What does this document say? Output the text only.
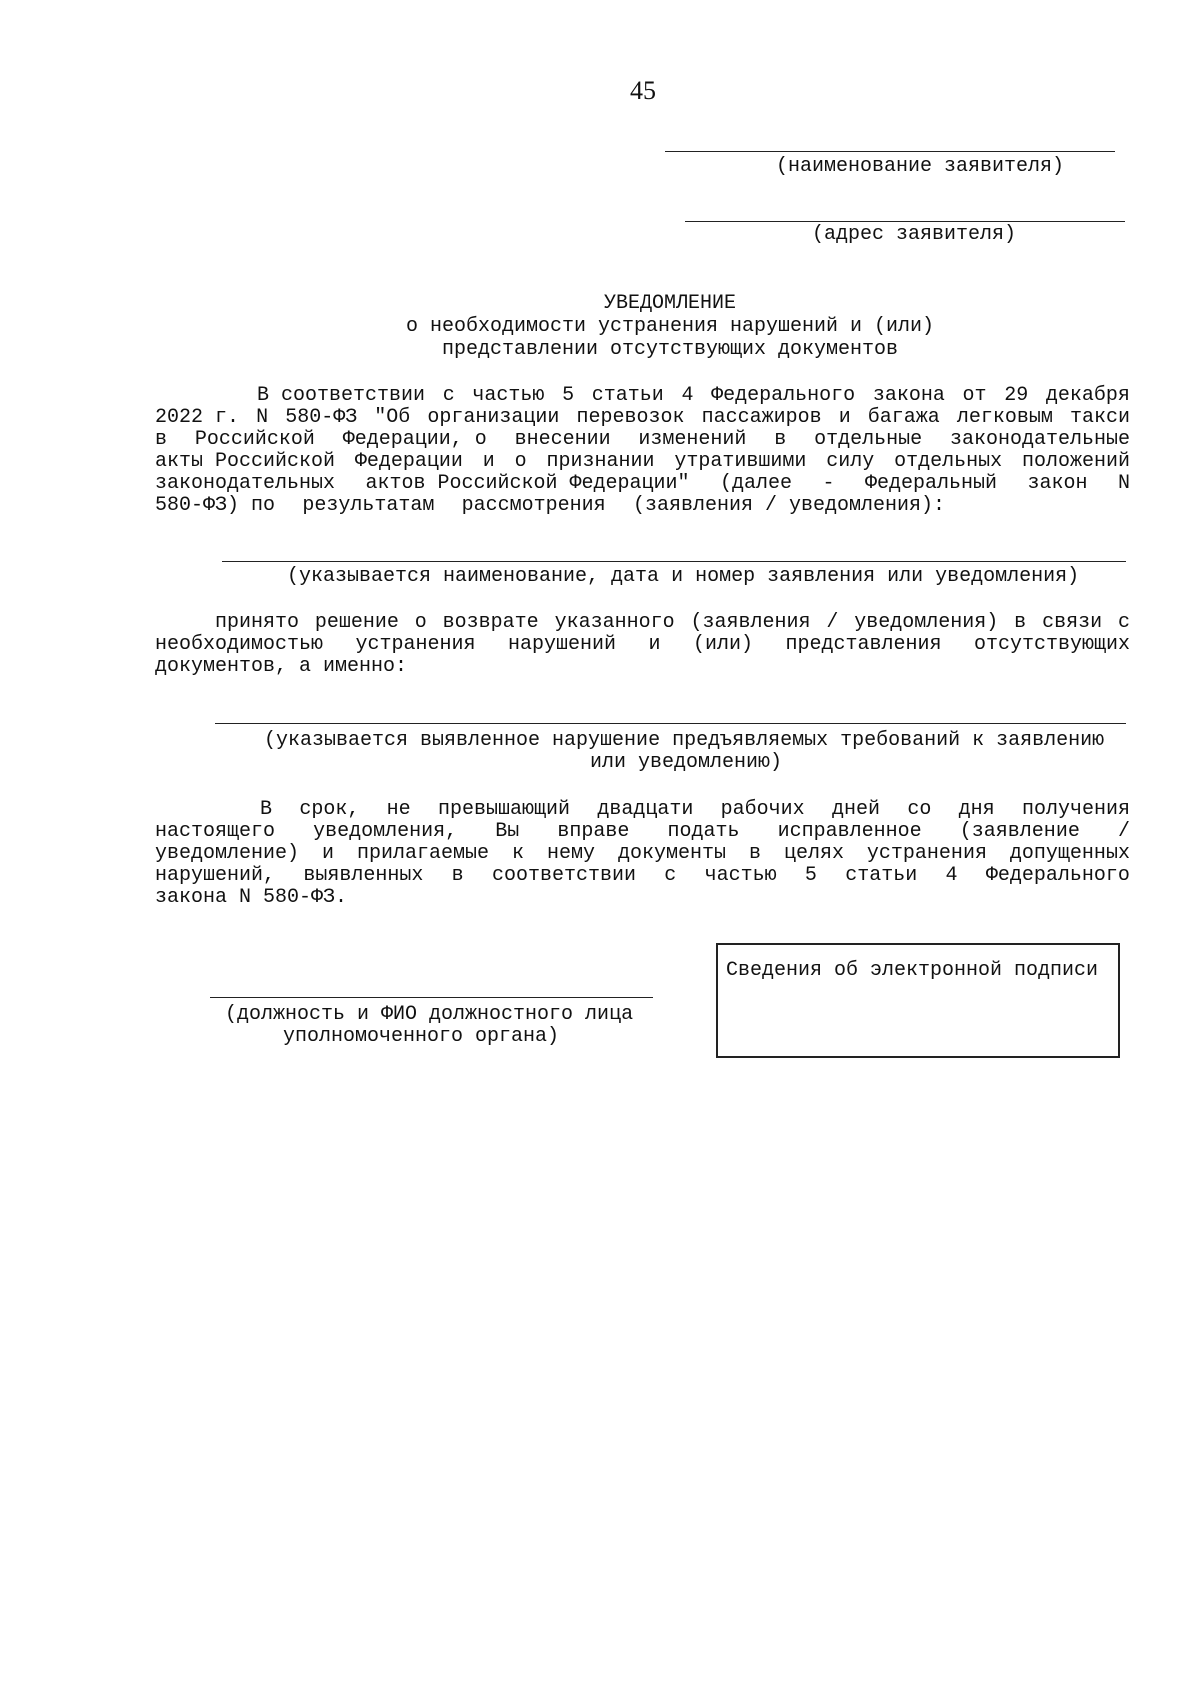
45
(наименование заявителя)
(адрес заявителя)
УВЕДОМЛЕНИЕ
о необходимости устранения нарушений и (или)
представлении отсутствующих документов
В соответствии с частью 5 статьи 4 Федерального закона от 29 декабря
2022 г. N 580-ФЗ "Об организации перевозок пассажиров и багажа легковым такси
в Российской Федерации, о внесении изменений в отдельные законодательные
акты Российской Федерации и о признании утратившими силу отдельных положений
законодательных актов Российской Федерации" (далее - Федеральный закон N
580-ФЗ) по результатам рассмотрения (заявления / уведомления):
(указывается наименование, дата и номер заявления или уведомления)
принято решение о возврате указанного (заявления / уведомления) в связи с
необходимостью устранения нарушений и (или) представления отсутствующих
документов, а именно:
(указывается выявленное нарушение предъявляемых требований к заявлению
или уведомлению)
В срок, не превышающий двадцати рабочих дней со дня получения
настоящего уведомления, Вы вправе подать исправленное (заявление /
уведомление) и прилагаемые к нему документы в целях устранения допущенных
нарушений, выявленных в соответствии с частью 5 статьи 4 Федерального
закона N 580-ФЗ.
(должность и ФИО должностного лица
уполномоченного органа)
Сведения об электронной подписи
